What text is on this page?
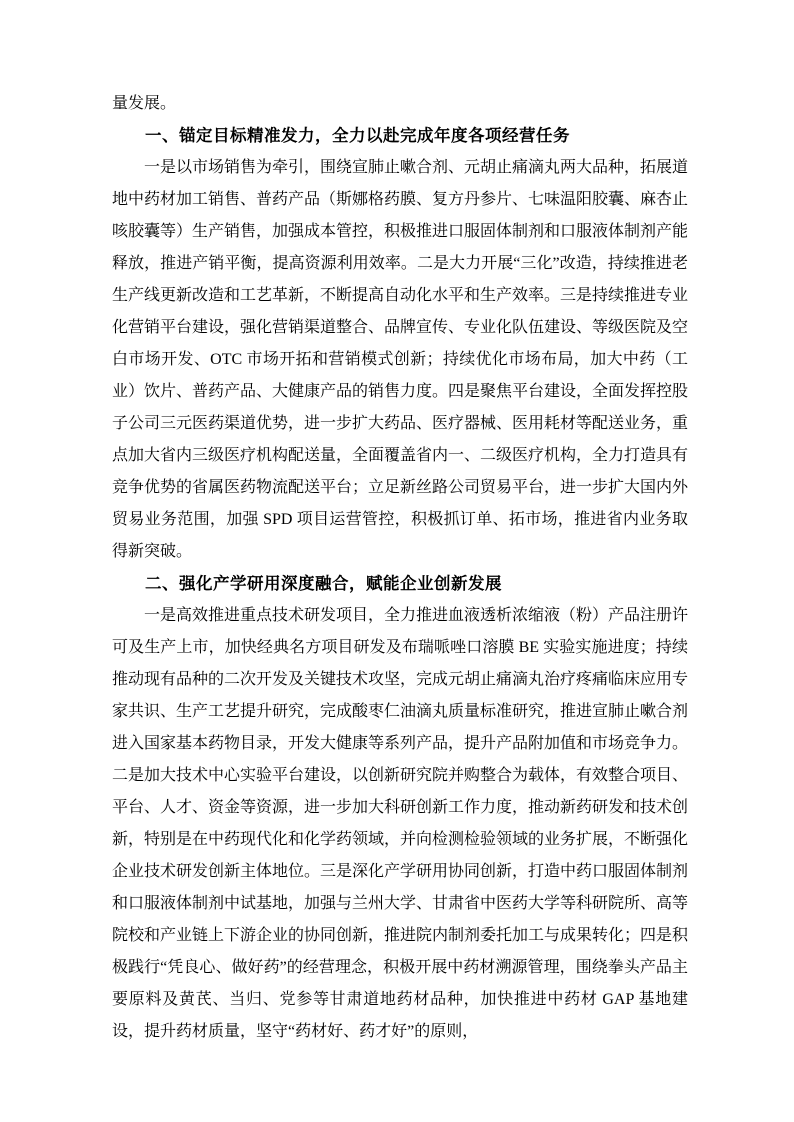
量发展。

一、锚定目标精准发力，全力以赴完成年度各项经营任务

一是以市场销售为牵引，围绕宣肺止嗽合剂、元胡止痛滴丸两大品种，拓展道地中药材加工销售、普药产品（斯娜格药膜、复方丹参片、七味温阳胶囊、麻杏止咳胶囊等）生产销售，加强成本管控，积极推进口服固体制剂和口服液体制剂产能释放，推进产销平衡，提高资源利用效率。二是大力开展“三化”改造，持续推进老生产线更新改造和工艺革新，不断提高自动化水平和生产效率。三是持续推进专业化营销平台建设，强化营销渠道整合、品牌宣传、专业化队伍建设、等级医院及空白市场开发、OTC 市场开拓和营销模式创新；持续优化市场布局，加大中药（工业）饮片、普药产品、大健康产品的销售力度。四是聚焦平台建设，全面发挥控股子公司三元医药渠道优势，进一步扩大药品、医疗器械、医用耗材等配送业务，重点加大省内三级医疗机构配送量，全面覆盖省内一、二级医疗机构，全力打造具有竞争优势的省属医药物流配送平台；立足新丝路公司贸易平台，进一步扩大国内外贸易业务范围，加强 SPD 项目运营管控，积极抓订单、拓市场，推进省内业务取得新突破。

二、强化产学研用深度融合，赋能企业创新发展

一是高效推进重点技术研发项目，全力推进血液透析浓缩液（粉）产品注册许可及生产上市，加快经典名方项目研发及布瑞哌唑口溶膜 BE 实验实施进度；持续推动现有品种的二次开发及关键技术攻坚，完成元胡止痛滴丸治疗疼痛临床应用专家共识、生产工艺提升研究，完成酸枣仁油滴丸质量标准研究，推进宣肺止嗽合剂进入国家基本药物目录，开发大健康等系列产品，提升产品附加值和市场竞争力。二是加大技术中心实验平台建设，以创新研究院并购整合为载体，有效整合项目、平台、人才、资金等资源，进一步加大科研创新工作力度，推动新药研发和技术创新，特别是在中药现代化和化学药领域，并向检测检验领域的业务扩展，不断强化企业技术研发创新主体地位。三是深化产学研用协同创新，打造中药口服固体制剂和口服液体制剂中试基地，加强与兰州大学、甘肃省中医药大学等科研院所、高等院校和产业链上下游企业的协同创新，推进院内制剂委托加工与成果转化；四是积极践行“凭良心、做好药”的经营理念，积极开展中药材溯源管理，围绕拳头产品主要原料及黄芪、当归、党参等甘肃道地药材品种，加快推进中药材 GAP 基地建设，提升药材质量，坚守“药材好、药才好”的原则，
